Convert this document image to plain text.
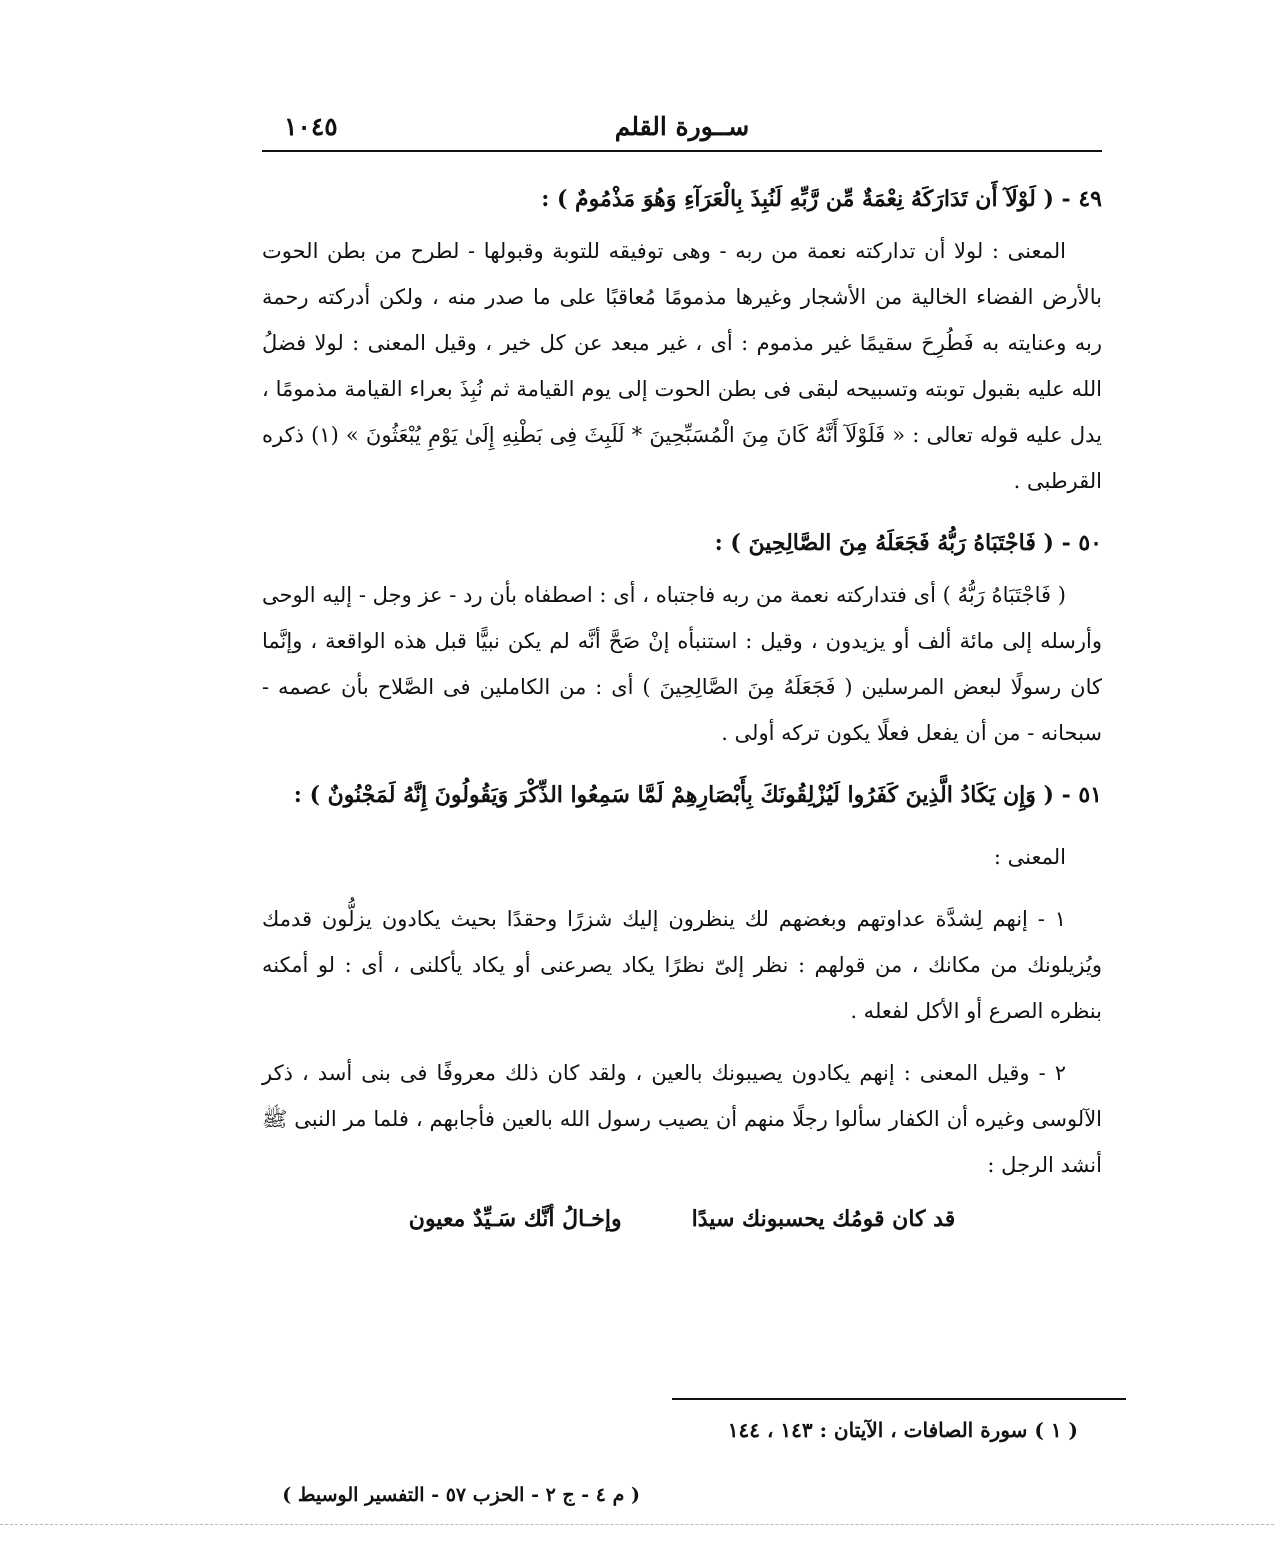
ســورة القلم
١٠٤٥
٤٩ - ( لَوْلَآ أَن تَدَارَكَهُ نِعْمَةٌ مِّن رَّبِّهِ لَنُبِذَ بِالْعَرَآءِ وَهُوَ مَذْمُومٌ ) :
المعنى : لولا أن تداركته نعمة من ربه - وهى توفيقه للتوبة وقبولها - لطرح من بطن الحوت بالأرض الفضاء الخالية من الأشجار وغيرها مذمومًا مُعاقبًا على ما صدر منه ، ولكن أدركته رحمة ربه وعنايته به فَطُرِحَ سقيمًا غير مذموم : أى ، غير مبعد عن كل خير ، وقيل المعنى : لولا فضلُ الله عليه بقبول توبته وتسبيحه لبقى فى بطن الحوت إلى يوم القيامة ثم نُبِذَ بعراء القيامة مذمومًا ، يدل عليه قوله تعالى : « فَلَوْلَآ أَنَّهُ كَانَ مِنَ الْمُسَبِّحِينَ * لَلَبِثَ فِى بَطْنِهِ إِلَىٰ يَوْمِ يُبْعَثُونَ » (١) ذكره القرطبى .
٥٠ - ( فَاجْتَبَاهُ رَبُّهُ فَجَعَلَهُ مِنَ الصَّالِحِينَ ) :
( فَاجْتَبَاهُ رَبُّهُ ) أى فتداركته نعمة من ربه فاجتباه ، أى : اصطفاه بأن رد - عز وجل - إليه الوحى وأرسله إلى مائة ألف أو يزيدون ، وقيل : استنبأه إنْ صَحَّ أنَّه لم يكن نبيًّا قبل هذه الواقعة ، وإنَّما كان رسولًا لبعض المرسلين ( فَجَعَلَهُ مِنَ الصَّالِحِينَ ) أى : من الكاملين فى الصَّلاح بأن عصمه - سبحانه - من أن يفعل فعلًا يكون تركه أولى .
٥١ - ( وَإِن يَكَادُ الَّذِينَ كَفَرُوا لَيُزْلِقُونَكَ بِأَبْصَارِهِمْ لَمَّا سَمِعُوا الذِّكْرَ وَيَقُولُونَ إِنَّهُ لَمَجْنُونٌ ) :
المعنى :
١ - إنهم لِشدَّة عداوتهم وبغضهم لك ينظرون إليك شزرًا وحقدًا بحيث يكادون يزلُّون قدمك ويُزيلونك من مكانك ، من قولهم : نظر إلىّ نظرًا يكاد يصرعنى أو يكاد يأكلنى ، أى : لو أمكنه بنظره الصرع أو الأكل لفعله .
٢ - وقيل المعنى : إنهم يكادون يصيبونك بالعين ، ولقد كان ذلك معروفًا فى بنى أسد ، ذكر الآلوسى وغيره أن الكفار سألوا رجلًا منهم أن يصيب رسول الله بالعين فأجابهم ، فلما مر النبى ﷺ أنشد الرجل :
قد كان قومُك يحسبونك سيدًا
وإخـالُ أنَّك سَـيِّدٌ معيون
( ١ ) سورة الصافات ، الآيتان : ١٤٣ ، ١٤٤
( م ٤ - ج ٢ - الحزب ٥٧ - التفسير الوسيط )
